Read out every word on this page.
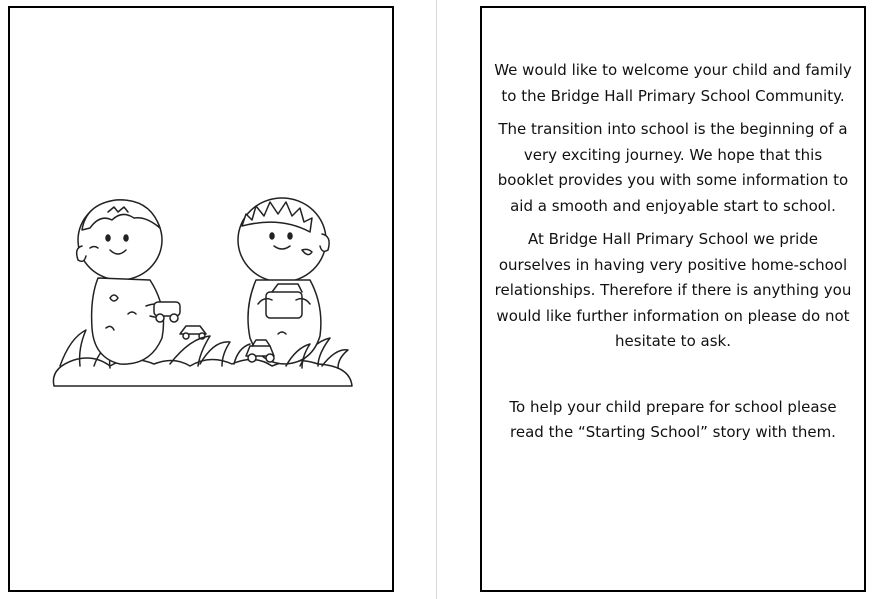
We would like to welcome your child and family to the Bridge Hall Primary School Community.

The transition into school is the beginning of a very exciting journey. We hope that this booklet provides you with some information to aid a smooth and enjoyable start to school.

At Bridge Hall Primary School we pride ourselves in having very positive home-school relationships. Therefore if there is anything you would like further information on please do not hesitate to ask.

To help your child prepare for school please read the “Starting School” story with them.
